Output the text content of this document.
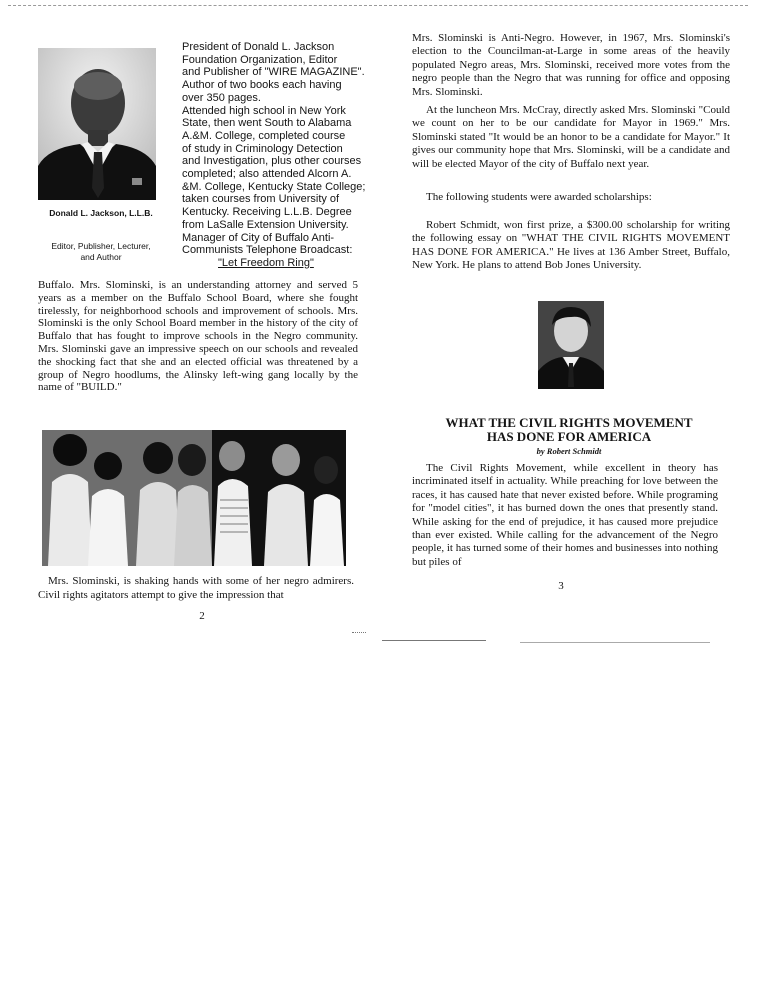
President of Donald L. Jackson
Foundation Organization, Editor
and Publisher of "WIRE MAGAZINE".
Author of two books each having
over 350 pages.
Attended high school in New York
State, then went South to Alabama
A.&M. College, completed course
of study in Criminology Detection
and Investigation, plus other courses
completed; also attended Alcorn A.
&M. College, Kentucky State College;
taken courses from University of
Kentucky. Receiving L.L.B. Degree
from LaSalle Extension University.
Manager of City of Buffalo Anti-
Communists Telephone Broadcast:
"Let Freedom Ring"
Donald L. Jackson, L.L.B.
Editor, Publisher, Lecturer,
and Author

Buffalo. Mrs. Slominski, is an understanding attorney and served 5 years as a member on the Buffalo School Board, where she fought tirelessly, for neighborhood schools and improvement of schools. Mrs. Slominski is the only School Board member in the history of the city of Buffalo that has fought to improve schools in the Negro community. Mrs. Slominski gave an impressive speech on our schools and revealed the shocking fact that she and an elected official was threatened by a group of Negro hoodlums, the Alinsky left-wing gang locally by the name of "BUILD."

Mrs. Slominski, is shaking hands with some of her negro admirers. Civil rights agitators attempt to give the impression that

2

Mrs. Slominski is Anti-Negro. However, in 1967, Mrs. Slominski's election to the Councilman-at-Large in some areas of the heavily populated Negro areas, Mrs. Slominski, received more votes from the negro people than the Negro that was running for office and opposing Mrs. Slominski.

At the luncheon Mrs. McCray, directly asked Mrs. Slominski "Could we count on her to be our candidate for Mayor in 1969." Mrs. Slominski stated "It would be an honor to be a candidate for Mayor." It gives our community hope that Mrs. Slominski, will be a candidate and will be elected Mayor of the city of Buffalo next year.

The following students were awarded scholarships:

Robert Schmidt, won first prize, a $300.00 scholarship for writing the following essay on "WHAT THE CIVIL RIGHTS MOVEMENT HAS DONE FOR AMERICA." He lives at 136 Amber Street, Buffalo, New York. He plans to attend Bob Jones University.

WHAT THE CIVIL RIGHTS MOVEMENT
HAS DONE FOR AMERICA
by Robert Schmidt

The Civil Rights Movement, while excellent in theory has incriminated itself in actuality. While preaching for love between the races, it has caused hate that never existed before. While programing for "model cities", it has burned down the ones that presently stand. While asking for the end of prejudice, it has caused more prejudice than ever existed. While calling for the advancement of the Negro people, it has turned some of their homes and businesses into nothing but piles of

3
